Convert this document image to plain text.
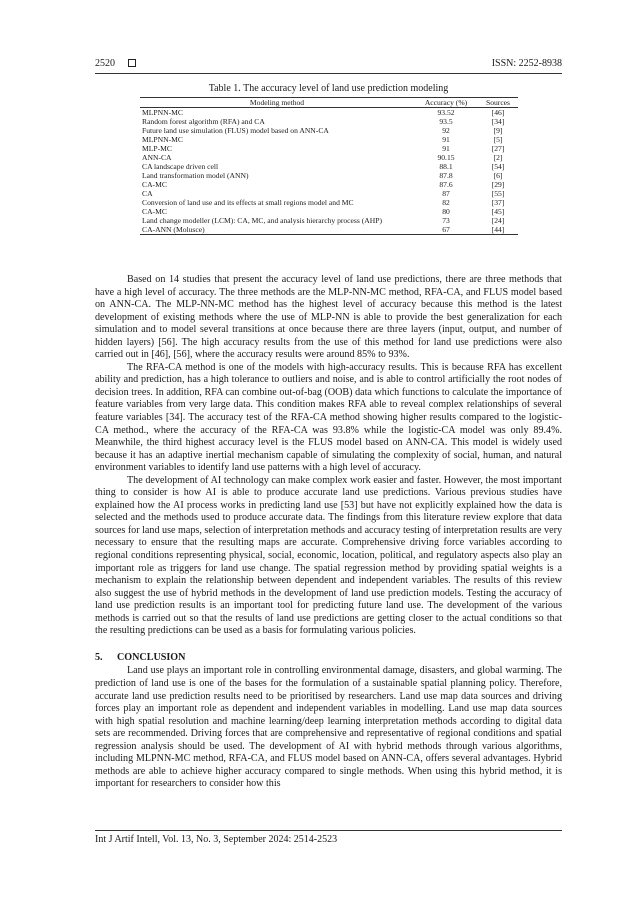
2520	ISSN: 2252-8938
Table 1. The accuracy level of land use prediction modeling
Modeling method	Accuracy (%)	Sources
MLPNN-MC	93.52	[46]
Random forest algorithm (RFA) and CA	93.5	[34]
Future land use simulation (FLUS) model based on ANN-CA	92	[9]
MLPNN-MC	91	[5]
MLP-MC	91	[27]
ANN-CA	90.15	[2]
CA landscape driven cell	88.1	[54]
Land transformation model (ANN)	87.8	[6]
CA-MC	87.6	[29]
CA	87	[55]
Conversion of land use and its effects at small regions model and MC	82	[37]
CA-MC	80	[45]
Land change modeller (LCM): CA, MC, and analysis hierarchy process (AHP)	73	[24]
CA-ANN (Molusce)	67	[44]

Based on 14 studies that present the accuracy level of land use predictions, there are three methods that have a high level of accuracy. The three methods are the MLP-NN-MC method, RFA-CA, and FLUS model based on ANN-CA. The MLP-NN-MC method has the highest level of accuracy because this method is the latest development of existing methods where the use of MLP-NN is able to provide the best generalization for each simulation and to model several transitions at once because there are three layers (input, output, and number of hidden layers) [56]. The high accuracy results from the use of this method for land use predictions were also carried out in [46], [56], where the accuracy results were around 85% to 93%.

The RFA-CA method is one of the models with high-accuracy results. This is because RFA has excellent ability and prediction, has a high tolerance to outliers and noise, and is able to control artificially the root nodes of decision trees. In addition, RFA can combine out-of-bag (OOB) data which functions to calculate the importance of feature variables from very large data. This condition makes RFA able to reveal complex relationships of several feature variables [34]. The accuracy test of the RFA-CA method showing higher results compared to the logistic-CA method., where the accuracy of the RFA-CA was 93.8% while the logistic-CA model was only 89.4%. Meanwhile, the third highest accuracy level is the FLUS model based on ANN-CA. This model is widely used because it has an adaptive inertial mechanism capable of simulating the complexity of social, human, and natural environment variables to identify land use patterns with a high level of accuracy.

The development of AI technology can make complex work easier and faster. However, the most important thing to consider is how AI is able to produce accurate land use predictions. Various previous studies have explained how the AI process works in predicting land use [53] but have not explicitly explained how the data is selected and the methods used to produce accurate data. The findings from this literature review explore that data sources for land use maps, selection of interpretation methods and accuracy testing of interpretation results are very necessary to ensure that the resulting maps are accurate. Comprehensive driving force variables according to regional conditions representing physical, social, economic, location, political, and regulatory aspects also play an important role as triggers for land use change. The spatial regression method by providing spatial weights is a mechanism to explain the relationship between dependent and independent variables. The results of this review also suggest the use of hybrid methods in the development of land use prediction models. Testing the accuracy of land use prediction results is an important tool for predicting future land use. The development of the various methods is carried out so that the results of land use predictions are getting closer to the actual conditions so that the resulting predictions can be used as a basis for formulating various policies.

5. CONCLUSION

Land use plays an important role in controlling environmental damage, disasters, and global warming. The prediction of land use is one of the bases for the formulation of a sustainable spatial planning policy. Therefore, accurate land use prediction results need to be prioritised by researchers. Land use map data sources and driving forces play an important role as dependent and independent variables in modelling. Land use map data sources with high spatial resolution and machine learning/deep learning interpretation methods according to digital data sets are recommended. Driving forces that are comprehensive and representative of regional conditions and spatial regression analysis should be used. The development of AI with hybrid methods through various algorithms, including MLPNN-MC method, RFA-CA, and FLUS model based on ANN-CA, offers several advantages. Hybrid methods are able to achieve higher accuracy compared to single methods. When using this hybrid method, it is important for researchers to consider how this

Int J Artif Intell, Vol. 13, No. 3, September 2024: 2514-2523
